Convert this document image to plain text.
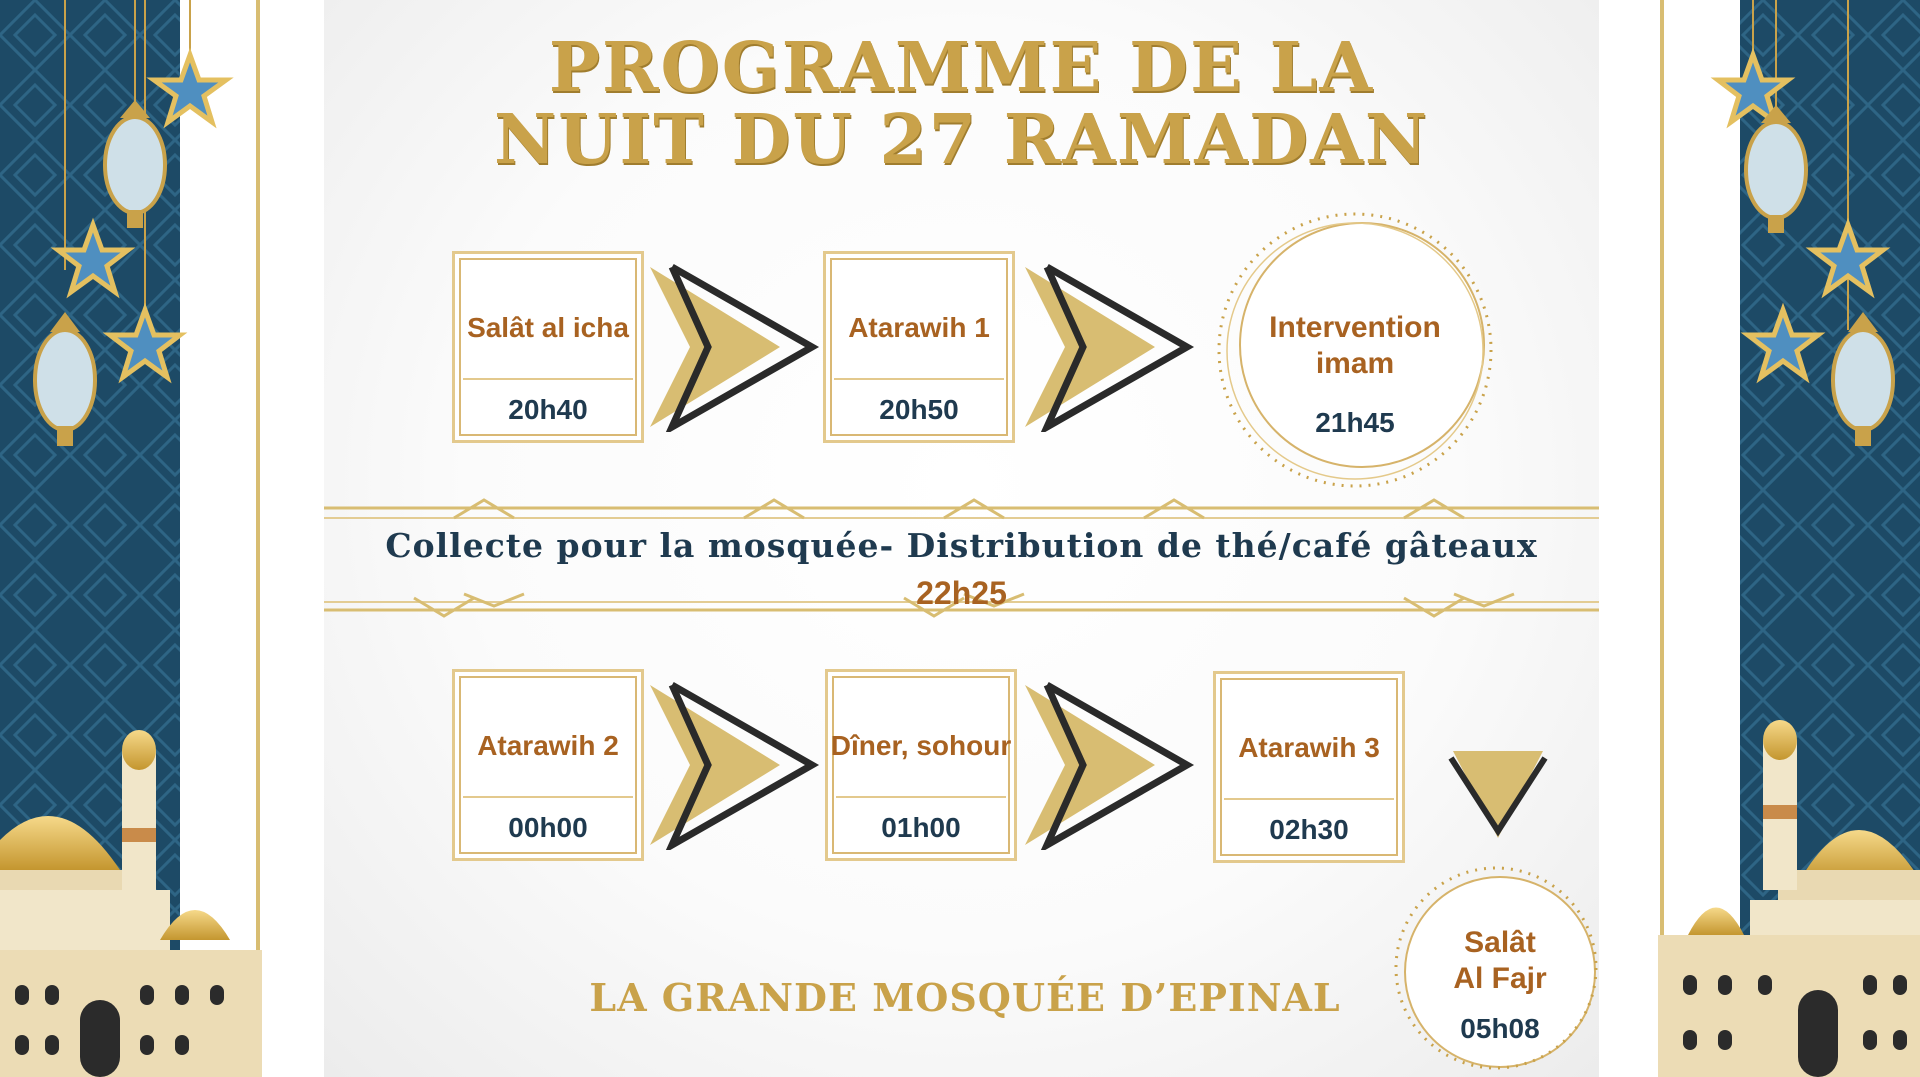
PROGRAMME DE LA
NUIT DU 27 RAMADAN
Salât al icha
20h40
Atarawih 1
20h50
Intervention
imam
21h45
Collecte pour la mosquée- Distribution de thé/café gâteaux
22h25
Atarawih 2
00h00
Dîner, sohour
01h00
Atarawih 3
02h30
Salât
Al Fajr
05h08
LA GRANDE MOSQUÉE D’EPINAL
